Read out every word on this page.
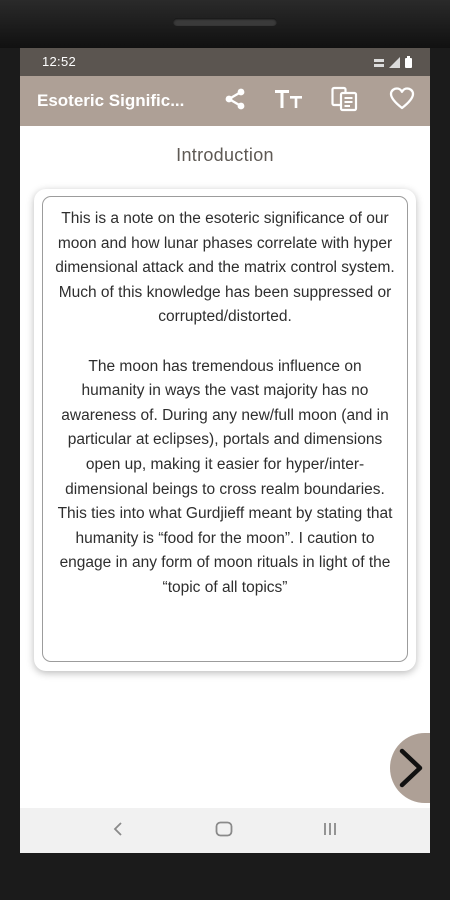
12:52
Esoteric Signific...
Introduction

This is a note on the esoteric significance of our moon and how lunar phases correlate with hyper dimensional attack and the matrix control system. Much of this knowledge has been suppressed or corrupted/distorted.

The moon has tremendous influence on humanity in ways the vast majority has no awareness of. During any new/full moon (and in particular at eclipses), portals and dimensions open up, making it easier for hyper/inter-dimensional beings to cross realm boundaries. This ties into what Gurdjieff meant by stating that humanity is “food for the moon”. I caution to engage in any form of moon rituals in light of the “topic of all topics”
